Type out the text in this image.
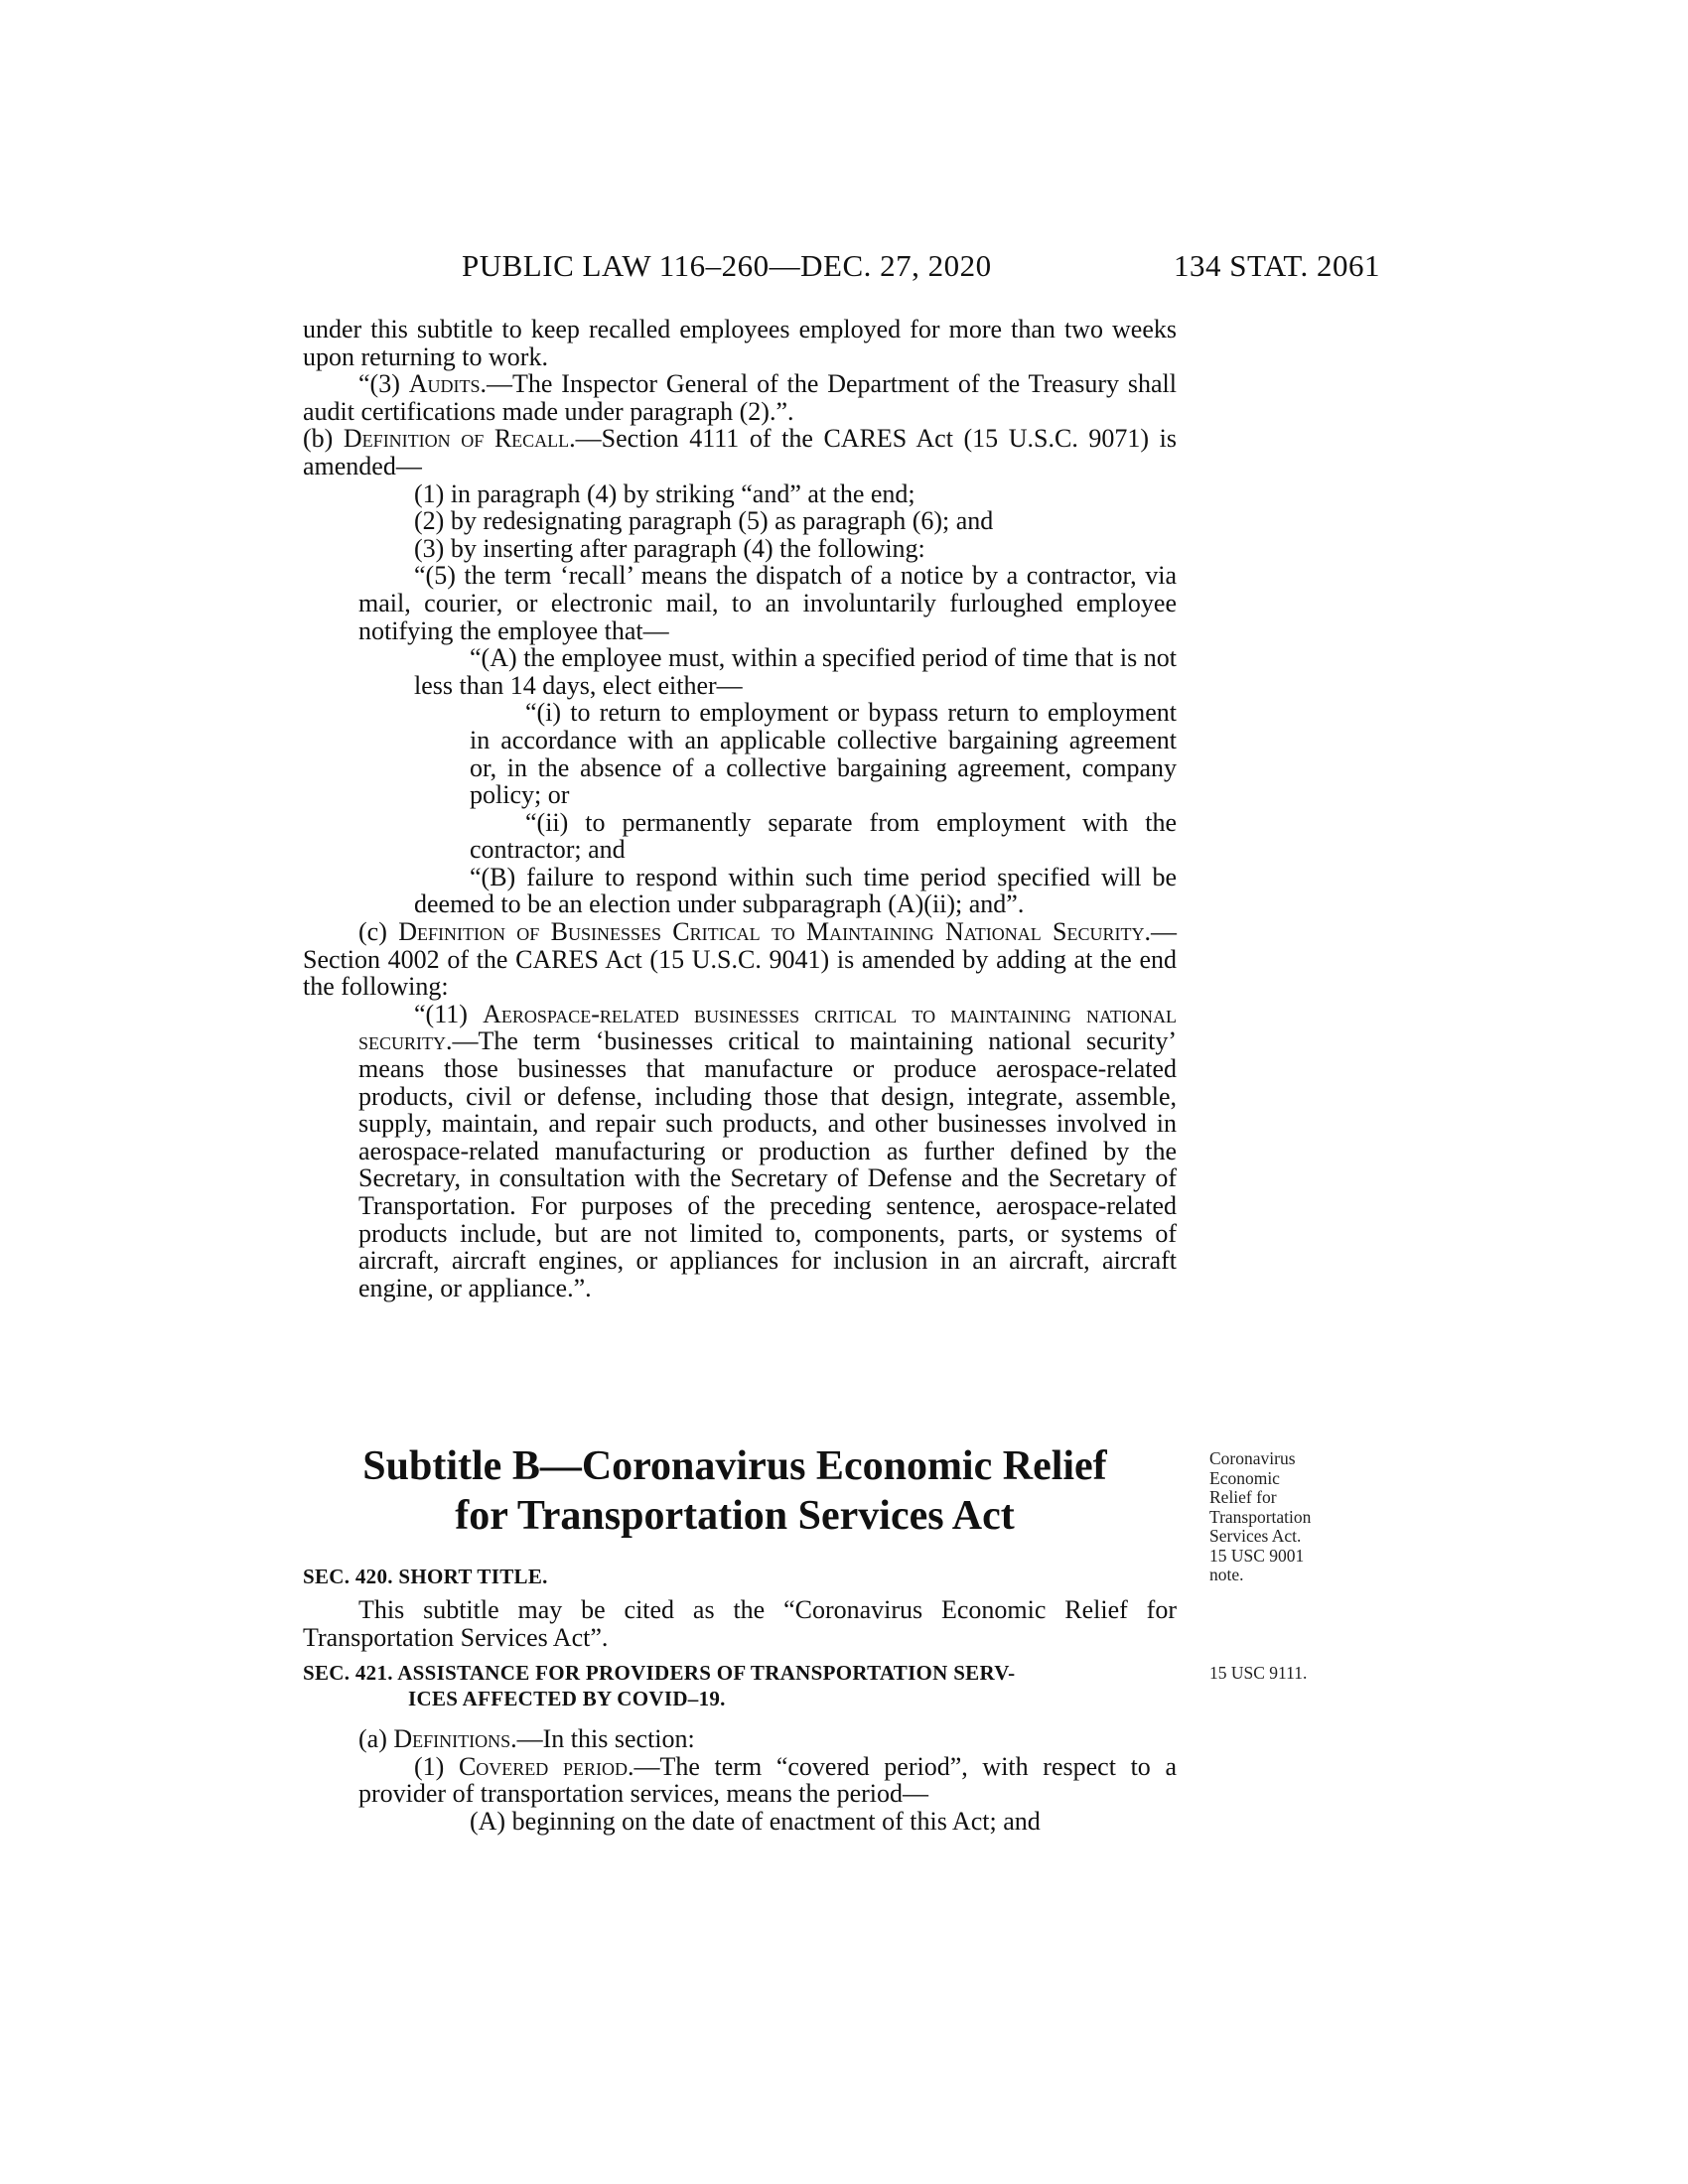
PUBLIC LAW 116–260—DEC. 27, 2020	134 STAT. 2061

under this subtitle to keep recalled employees employed for more than two weeks upon returning to work.

“(3) Audits.—The Inspector General of the Department of the Treasury shall audit certifications made under paragraph (2).”.

(b) Definition of Recall.—Section 4111 of the CARES Act (15 U.S.C. 9071) is amended—

(1) in paragraph (4) by striking “and” at the end;

(2) by redesignating paragraph (5) as paragraph (6); and

(3) by inserting after paragraph (4) the following:

“(5) the term ‘recall’ means the dispatch of a notice by a contractor, via mail, courier, or electronic mail, to an involuntarily furloughed employee notifying the employee that—

“(A) the employee must, within a specified period of time that is not less than 14 days, elect either—

“(i) to return to employment or bypass return to employment in accordance with an applicable collective bargaining agreement or, in the absence of a collective bargaining agreement, company policy; or

“(ii) to permanently separate from employment with the contractor; and

“(B) failure to respond within such time period specified will be deemed to be an election under subparagraph (A)(ii); and”.

(c) Definition of Businesses Critical to Maintaining National Security.—Section 4002 of the CARES Act (15 U.S.C. 9041) is amended by adding at the end the following:

“(11) Aerospace-related businesses critical to maintaining national security.—The term ‘businesses critical to maintaining national security’ means those businesses that manufacture or produce aerospace-related products, civil or defense, including those that design, integrate, assemble, supply, maintain, and repair such products, and other businesses involved in aerospace-related manufacturing or production as further defined by the Secretary, in consultation with the Secretary of Defense and the Secretary of Transportation. For purposes of the preceding sentence, aerospace-related products include, but are not limited to, components, parts, or systems of aircraft, aircraft engines, or appliances for inclusion in an aircraft, aircraft engine, or appliance.”.

Subtitle B—Coronavirus Economic Relief
for Transportation Services Act
SEC. 420. SHORT TITLE.

This subtitle may be cited as the “Coronavirus Economic Relief for Transportation Services Act”.

SEC. 421. ASSISTANCE FOR PROVIDERS OF TRANSPORTATION SERV-
ICES AFFECTED BY COVID–19.

(a) Definitions.—In this section:

(1) Covered period.—The term “covered period”, with respect to a provider of transportation services, means the period—

(A) beginning on the date of enactment of this Act; and

Coronavirus
Economic
Relief for
Transportation
Services Act.
15 USC 9001
note.
15 USC 9111.
